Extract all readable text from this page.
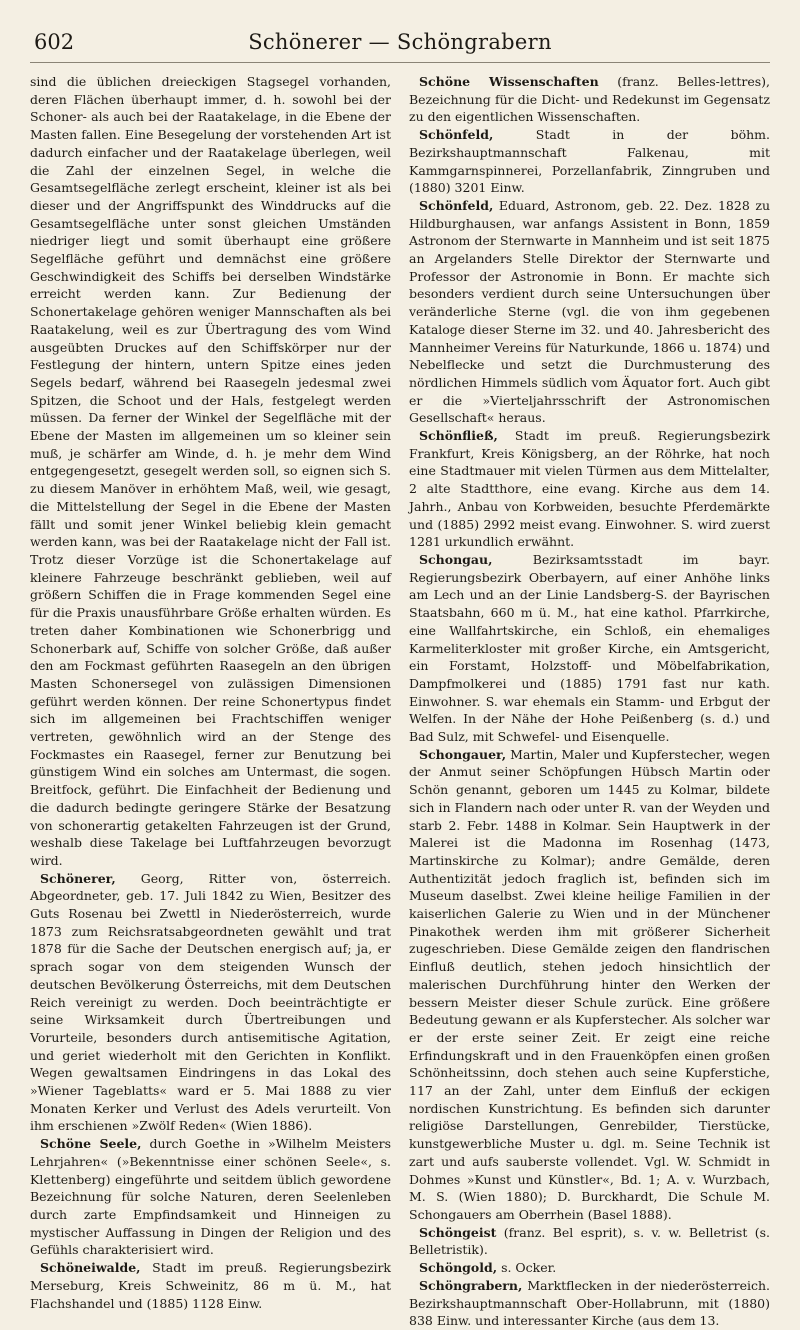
602	Schönerer — Schöngrabern

sind die üblichen dreieckigen Stagsegel vorhanden, deren Flächen überhaupt immer, d. h. sowohl bei der Schoner- als auch bei der Raatakelage, in die Ebene der Masten fallen. Eine Besegelung der vorstehenden Art ist dadurch einfacher und der Raatakelage überlegen, weil die Zahl der einzelnen Segel, in welche die Gesamtsegelfläche zerlegt erscheint, kleiner ist als bei dieser und der Angriffspunkt des Winddrucks auf die Gesamtsegelfläche unter sonst gleichen Umständen niedriger liegt und somit überhaupt eine größere Segelfläche geführt und demnächst eine größere Geschwindigkeit des Schiffs bei derselben Windstärke erreicht werden kann. Zur Bedienung der Schonertakelage gehören weniger Mannschaften als bei Raatakelung, weil es zur Übertragung des vom Wind ausgeübten Druckes auf den Schiffskörper nur der Festlegung der hintern, untern Spitze eines jeden Segels bedarf, während bei Raasegeln jedesmal zwei Spitzen, die Schoot und der Hals, festgelegt werden müssen. Da ferner der Winkel der Segelfläche mit der Ebene der Masten im allgemeinen um so kleiner sein muß, je schärfer am Winde, d. h. je mehr dem Wind entgegengesetzt, gesegelt werden soll, so eignen sich S. zu diesem Manöver in erhöhtem Maß, weil, wie gesagt, die Mittelstellung der Segel in die Ebene der Masten fällt und somit jener Winkel beliebig klein gemacht werden kann, was bei der Raatakelage nicht der Fall ist. Trotz dieser Vorzüge ist die Schonertakelage auf kleinere Fahrzeuge beschränkt geblieben, weil auf größern Schiffen die in Frage kommenden Segel eine für die Praxis unausführbare Größe erhalten würden. Es treten daher Kombinationen wie Schonerbrigg und Schonerbark auf, Schiffe von solcher Größe, daß außer den am Fockmast geführten Raasegeln an den übrigen Masten Schonersegel von zulässigen Dimensionen geführt werden können. Der reine Schonertypus findet sich im allgemeinen bei Frachtschiffen weniger vertreten, gewöhnlich wird an der Stenge des Fockmastes ein Raasegel, ferner zur Benutzung bei günstigem Wind ein solches am Untermast, die sogen. Breitfock, geführt. Die Einfachheit der Bedienung und die dadurch bedingte geringere Stärke der Besatzung von schonerartig getakelten Fahrzeugen ist der Grund, weshalb diese Takelage bei Luftfahrzeugen bevorzugt wird.

Schönerer, Georg, Ritter von, österreich. Abgeordneter, geb. 17. Juli 1842 zu Wien, Besitzer des Guts Rosenau bei Zwettl in Niederösterreich, wurde 1873 zum Reichsratsabgeordneten gewählt und trat 1878 für die Sache der Deutschen energisch auf; ja, er sprach sogar von dem steigenden Wunsch der deutschen Bevölkerung Österreichs, mit dem Deutschen Reich vereinigt zu werden. Doch beeinträchtigte er seine Wirksamkeit durch Übertreibungen und Vorurteile, besonders durch antisemitische Agitation, und geriet wiederholt mit den Gerichten in Konflikt. Wegen gewaltsamen Eindringens in das Lokal des »Wiener Tageblatts« ward er 5. Mai 1888 zu vier Monaten Kerker und Verlust des Adels verurteilt. Von ihm erschienen »Zwölf Reden« (Wien 1886).

Schöne Seele, durch Goethe in »Wilhelm Meisters Lehrjahren« (»Bekenntnisse einer schönen Seele«, s. Klettenberg) eingeführte und seitdem üblich gewordene Bezeichnung für solche Naturen, deren Seelenleben durch zarte Empfindsamkeit und Hinneigen zu mystischer Auffassung in Dingen der Religion und des Gefühls charakterisiert wird.

Schöneiwalde, Stadt im preuß. Regierungsbezirk Merseburg, Kreis Schweinitz, 86 m ü. M., hat Flachshandel und (1885) 1128 Einw.

Schöne Wissenschaften (franz. Belles-lettres), Bezeichnung für die Dicht- und Redekunst im Gegensatz zu den eigentlichen Wissenschaften.

Schönfeld,	Stadt in der böhm. Bezirkshauptmannschaft Falkenau, mit Kammgarnspinnerei, Porzellanfabrik, Zinngruben und (1880) 3201 Einw.

Schönfeld, Eduard, Astronom, geb. 22. Dez. 1828 zu Hildburghausen, war anfangs Assistent in Bonn, 1859 Astronom der Sternwarte in Mannheim und ist seit 1875 an Argelanders Stelle Direktor der Sternwarte und Professor der Astronomie in Bonn. Er machte sich besonders verdient durch seine Untersuchungen über veränderliche Sterne (vgl. die von ihm gegebenen Kataloge dieser Sterne im 32. und 40. Jahresbericht des Mannheimer Vereins für Naturkunde, 1866 u. 1874) und Nebelflecke und setzt die Durchmusterung des nördlichen Himmels südlich vom Äquator fort. Auch gibt er die »Vierteljahrsschrift der Astronomischen Gesellschaft« heraus.

Schönfließ, Stadt im preuß. Regierungsbezirk Frankfurt, Kreis Königsberg, an der Röhrke, hat noch eine Stadtmauer mit vielen Türmen aus dem Mittelalter, 2 alte Stadtthore, eine evang. Kirche aus dem 14. Jahrh., Anbau von Korbweiden, besuchte Pferdemärkte und (1885) 2992 meist evang. Einwohner. S. wird zuerst 1281 urkundlich erwähnt.

Schongau,	Bezirksamtsstadt im bayr. Regierungsbezirk Oberbayern, auf einer Anhöhe links am Lech und an der Linie Landsberg-S. der Bayrischen Staatsbahn, 660 m ü. M., hat eine kathol. Pfarrkirche, eine Wallfahrtskirche, ein Schloß, ein ehemaliges Karmeliterkloster mit großer Kirche, ein Amtsgericht, ein Forstamt, Holzstoff- und Möbelfabrikation, Dampfmolkerei und (1885) 1791 fast nur kath. Einwohner. S. war ehemals ein Stamm- und Erbgut der Welfen. In der Nähe der Hohe Peißenberg (s. d.) und Bad Sulz, mit Schwefel- und Eisenquelle.

Schongauer, Martin, Maler und Kupferstecher, wegen der Anmut seiner Schöpfungen Hübsch Martin oder Schön genannt, geboren um 1445 zu Kolmar, bildete sich in Flandern nach oder unter R. van der Weyden und starb 2. Febr. 1488 in Kolmar. Sein Hauptwerk in der Malerei ist die Madonna im Rosenhag (1473, Martinskirche zu Kolmar); andre Gemälde, deren Authentizität jedoch fraglich ist, befinden sich im Museum daselbst. Zwei kleine heilige Familien in der kaiserlichen Galerie zu Wien und in der Münchener Pinakothek werden ihm mit größerer Sicherheit zugeschrieben. Diese Gemälde zeigen den flandrischen Einfluß deutlich, stehen jedoch hinsichtlich der malerischen Durchführung hinter den Werken der bessern Meister dieser Schule zurück. Eine größere Bedeutung gewann er als Kupferstecher. Als solcher war er der erste seiner Zeit. Er zeigt eine reiche Erfindungskraft und in den Frauenköpfen einen großen Schönheitssinn, doch stehen auch seine Kupferstiche, 117 an der Zahl, unter dem Einfluß der eckigen nordischen Kunstrichtung. Es befinden sich darunter religiöse Darstellungen, Genrebilder, Tierstücke, kunstgewerbliche Muster u. dgl. m. Seine Technik ist zart und aufs sauberste vollendet. Vgl. W. Schmidt in Dohmes »Kunst und Künstler«, Bd. 1; A. v. Wurzbach, M. S. (Wien 1880); D. Burckhardt, Die Schule M. Schongauers am Oberrhein (Basel 1888).

Schöngeist (franz. Bel esprit), s. v. w. Belletrist (s. Belletristik).

Schöngold, s. Ocker.

Schöngrabern, Marktflecken in der niederösterreich. Bezirkshauptmannschaft Ober-Hollabrunn, mit (1880) 838 Einw. und interessanter Kirche (aus dem 13.
